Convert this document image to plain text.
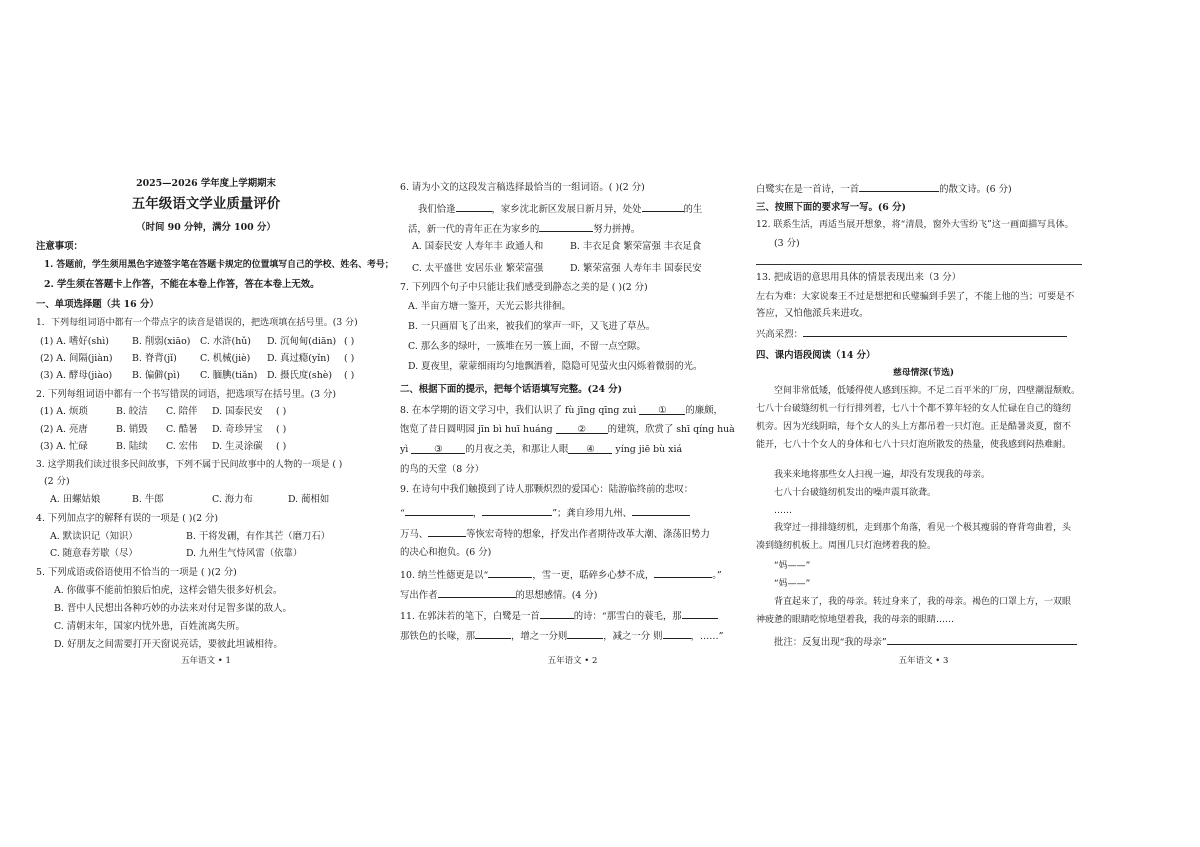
2025—2026 学年度上学期期末
五年级语文学业质量评价
（时间 90 分钟，满分 100 分）
注意事项：
1. 答题前，学生须用黑色字迹签字笔在答题卡规定的位置填写自己的学校、姓名、考号；
2. 学生须在答题卡上作答，不能在本卷上作答，答在本卷上无效。
一、单项选择题（共 16 分）
1．下列每组词语中都有一个带点字的读音是错误的，把选项填在括号里。(3 分)
(1) A. 嗜好(shì) B. 削弱(xiāo) C. 水浒(hǔ) D. 沉甸甸(diān) ( )
(2) A. 间隔(jiàn) B. 脊背(jǐ) C. 机械(jiè) D. 真过瘾(yǐn) ( )
(3) A. 酵母(jiào) B. 偏僻(pì) C. 腼腆(tiǎn) D. 摄氏度(shè) ( )
2. 下列每组词语中都有一个书写错误的词语，把选项写在括号里。(3 分)
(1) A. 烦琐	B. 皎洁 C. 陪伴 D. 国泰民安 ( )
(2) A. 亮唐	B. 销毁 C. 酷暑 D. 奇珍异宝 ( )
(3) A. 忙碌	B. 陆续 C. 宏伟 D. 生灵涂碳 ( )
3. 这学期我们读过很多民间故事，下列不属于民间故事中的人物的一项是 ( )
(2 分)
A. 田螺姑娘	B. 牛郎	C. 海力布	D. 蔺相如
4. 下列加点字的解释有误的一项是 ( )(2 分)
A. 默读识记（知识）	B. 干将发硎，有作其芒（磨刀石）
C. 随意春芳歇（尽）	D. 九州生气恃风雷（依靠）
5. 下列成语或俗语使用不恰当的一项是 ( )(2 分)
A. 你做事不能前怕狼后怕虎，这样会错失很多好机会。
B. 晋中人民想出各种巧妙的办法来对付足智多谋的敌人。
C. 清朝末年，国家内忧外患，百姓流离失所。
D. 好朋友之间需要打开天窗说亮话，要彼此坦诚相待。
五年语文 • 1
6. 请为小文的这段发言稿选择最恰当的一组词语。( )(2 分)
我们恰逢	，家乡沈北新区发展日新月异，处处	的生
活，新一代的青年正在为家乡的	努力拼搏。
A. 国泰民安 人寿年丰 政通人和	B. 丰衣足食 繁荣富强 丰衣足食
C. 太平盛世 安居乐业 繁荣富强	D. 繁荣富强 人寿年丰 国泰民安
7. 下列四个句子中只能让我们感受到静态之美的是 ( )(2 分)
A. 半亩方塘一鉴开，天光云影共徘徊。
B. 一只画眉飞了出来，被我们的掌声一吓，又飞进了草丛。
C. 那么多的绿叶，一簇堆在另一簇上面，不留一点空隙。
D. 夏夜里，蒙蒙细雨均匀地飘洒着，隐隐可见萤火虫闪烁着微弱的光。
二、根据下面的提示，把每个话语填写完整。(24 分)
8. 在本学期的语文学习中，我们认识了 fù jīng qīng zuì ① 的廉颇，
饱览了昔日圆明园 jīn bì huī huáng	② 的建筑，欣赏了 shī qíng huà
yì	③ 的月夜之美，和那让人眼 ④ yíng jiē bù xiá
的鸟的天堂（8 分）
9. 在诗句中我们触摸到了诗人那颗炽烈的爱国心：陆游临终前的悲叹：
“	，	”；龚自珍用九州、
万马、	等恢宏奇特的想象，抒发出作者期待改革大潮、涤荡旧势力
的决心和抱负。(6 分)
10. 纳兰性德更是以“	，雪一更，聒碎乡心梦不成，	。”
写出作者	的思想感情。(4 分)
11. 在郭沫若的笔下，白鹭是一首	的诗：“那雪白的蓑毛，那
那铁色的长喙，那	，增之一分则	，减之一分 则	，……”
五年语文 • 2
白鹭实在是一首诗，一首	的散文诗。(6 分)
三、按照下面的要求写一写。(6 分)
12. 联系生活，再适当展开想象，将“清晨，窗外大雪纷飞”这一画面描写具体。
(3 分)
13. 把成语的意思用具体的情景表现出来（3 分）
左右为难：大家说秦王不过是想把和氏璧骗到手罢了，不能上他的当；可要是不
答应，又怕他派兵来进攻。
兴高采烈：
四、课内语段阅读（14 分）
慈母情深(节选)
空间非常低矮，低矮得使人感到压抑。不足二百平米的厂房，四壁潮湿颓败。
七八十台破缝纫机一行行排列着，七八十个都不算年轻的女人忙碌在自己的缝纫
机旁。因为光线阴暗，每个女人的头上方都吊着一只灯泡。正是酷暑炎夏，窗不
能开，七八十个女人的身体和七八十只灯泡所散发的热量，使我感到闷热难耐。
我来来地将那些女人扫视一遍，却没有发现我的母亲。
七八十台破缝纫机发出的噪声震耳欲聋。
……
我穿过一排排缝纫机，走到那个角落，看见一个极其瘦弱的脊背弯曲着，头
凑到缝纫机板上。周围几只灯泡烤着我的脸。
“妈——”
“妈——”
背直起来了，我的母亲。转过身来了，我的母亲。褐色的口罩上方，一双眼
神疲惫的眼睛吃惊地望着我，我的母亲的眼睛……
批注：反复出现“我的母亲”
五年语文 • 3
